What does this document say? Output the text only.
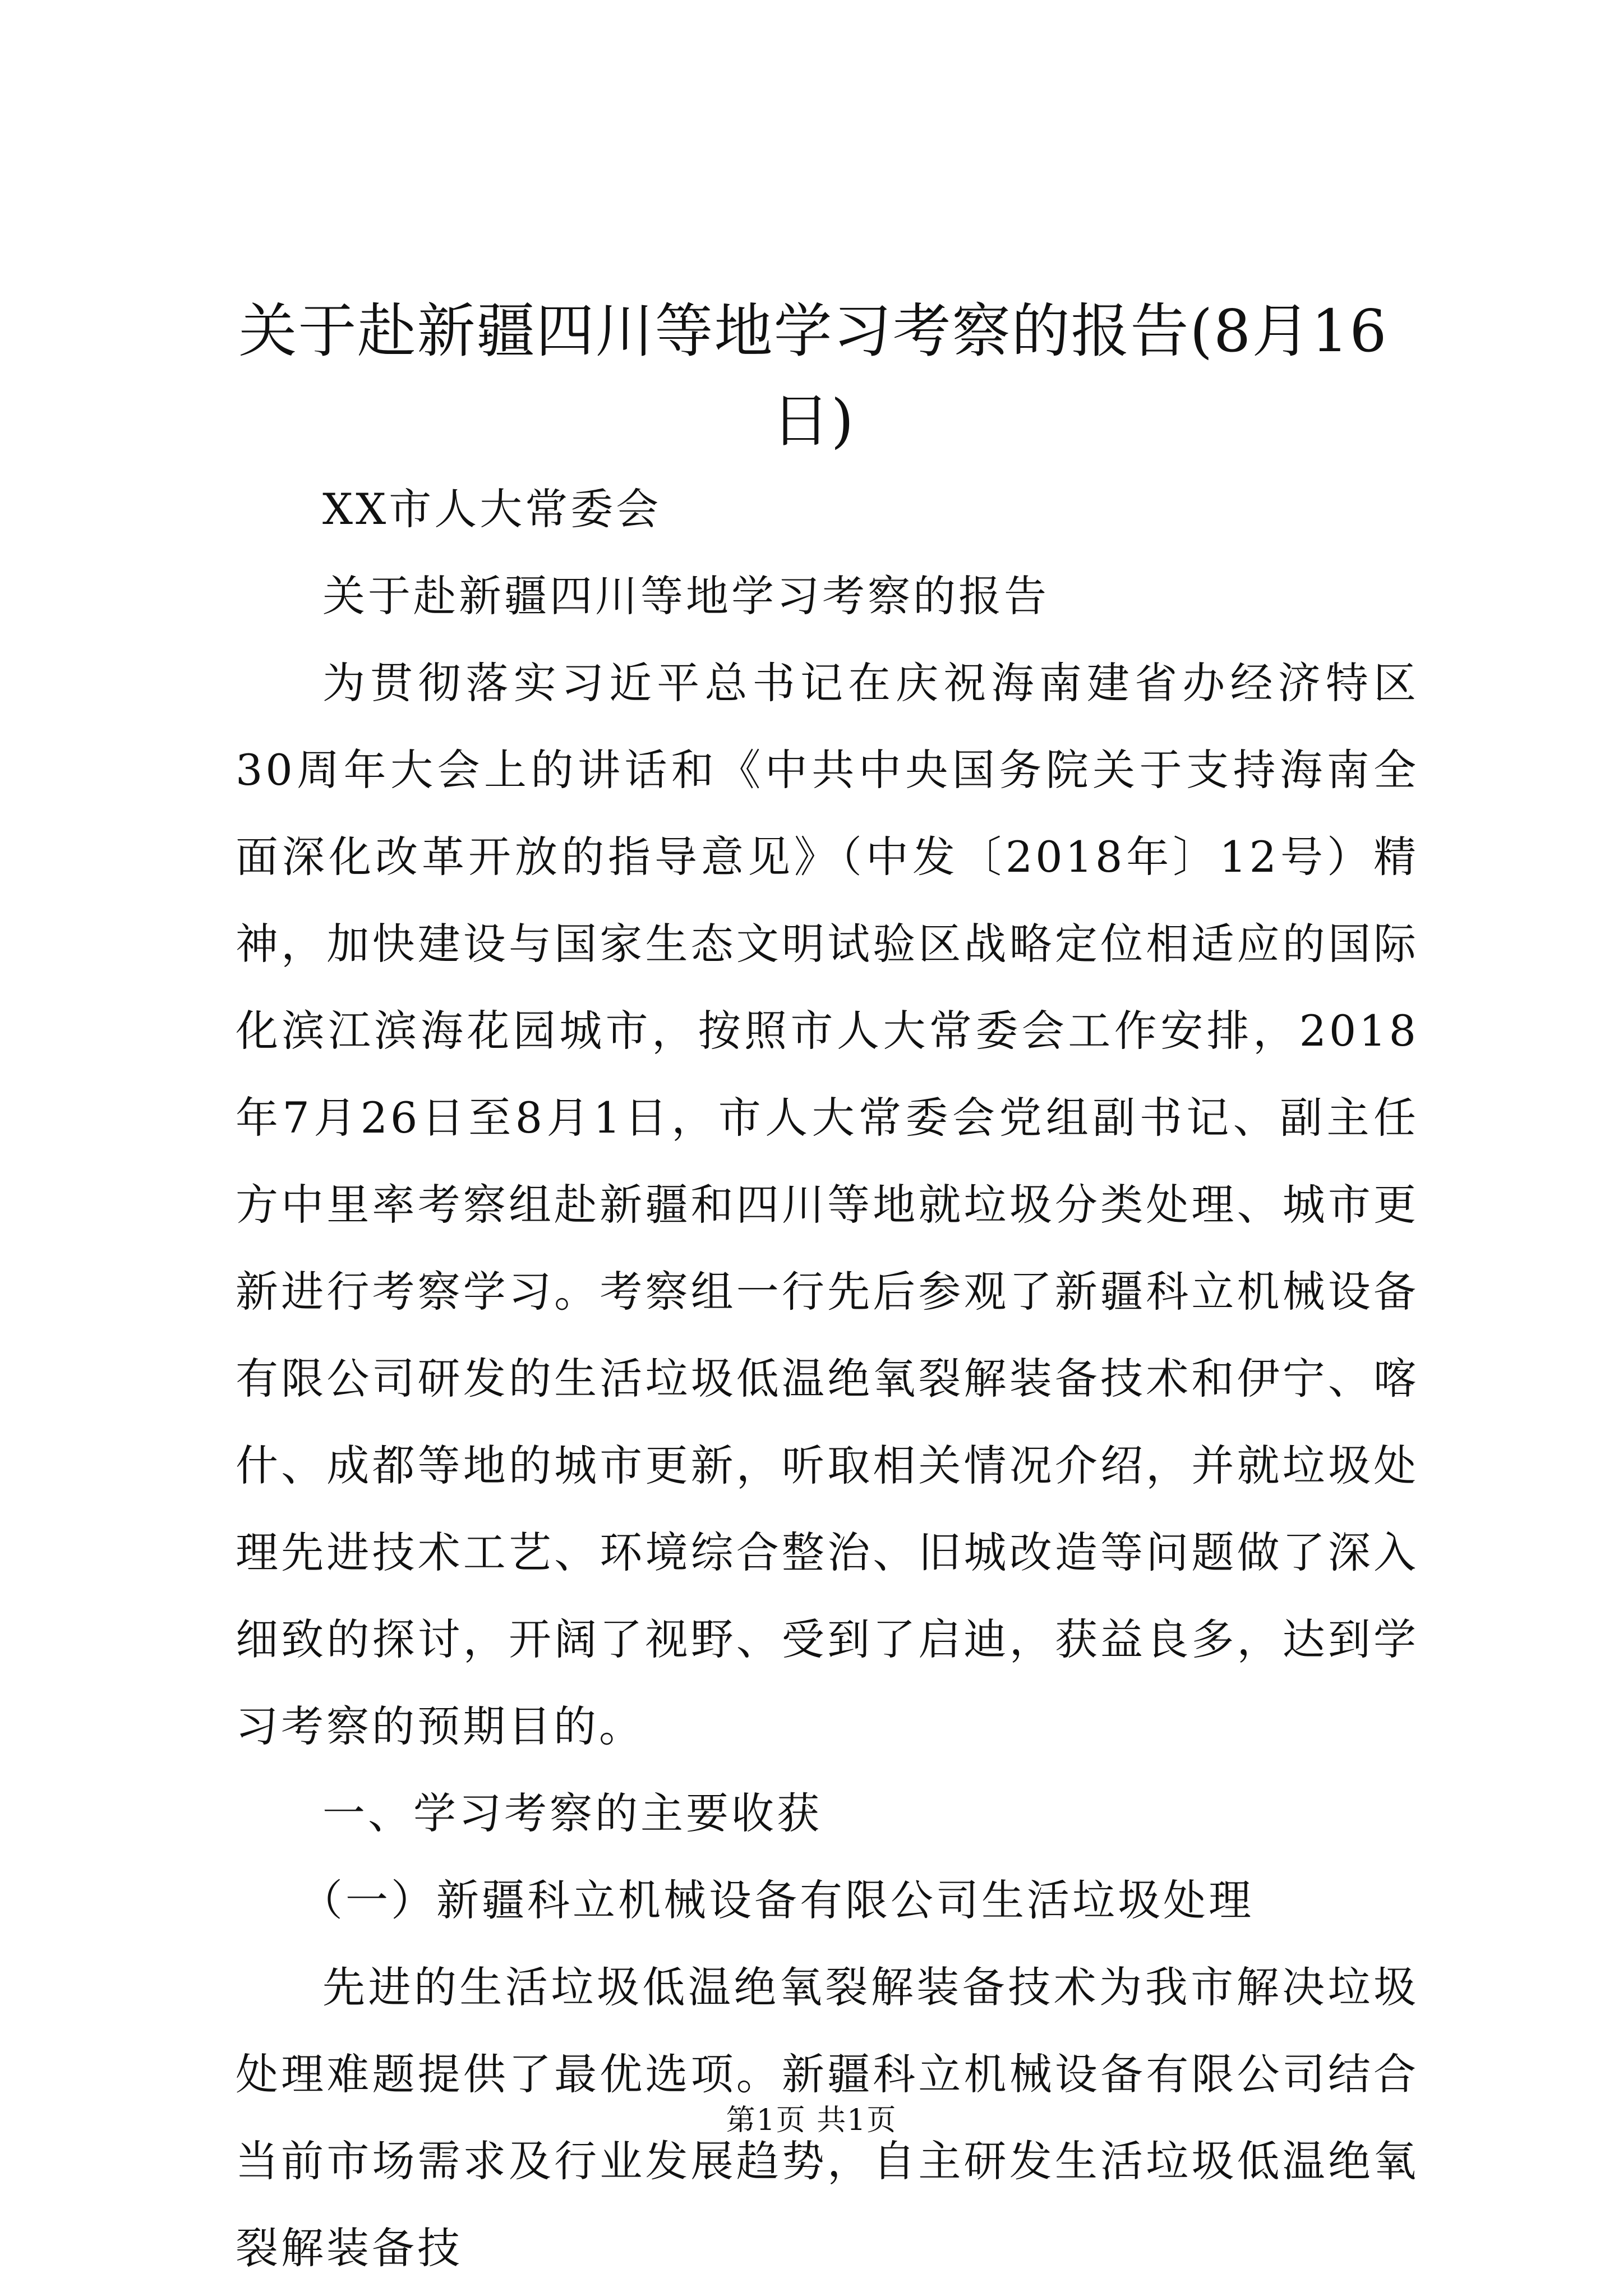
关于赴新疆四川等地学习考察的报告(8月16日)

XX市人大常委会

关于赴新疆四川等地学习考察的报告

为贯彻落实习近平总书记在庆祝海南建省办经济特区30周年大会上的讲话和《中共中央国务院关于支持海南全面深化改革开放的指导意见》（中发〔2018年〕12号）精神，加快建设与国家生态文明试验区战略定位相适应的国际化滨江滨海花园城市，按照市人大常委会工作安排，2018年7月26日至8月1日，市人大常委会党组副书记、副主任方中里率考察组赴新疆和四川等地就垃圾分类处理、城市更新进行考察学习。考察组一行先后参观了新疆科立机械设备有限公司研发的生活垃圾低温绝氧裂解装备技术和伊宁、喀什、成都等地的城市更新，听取相关情况介绍，并就垃圾处理先进技术工艺、环境综合整治、旧城改造等问题做了深入细致的探讨，开阔了视野、受到了启迪，获益良多，达到学习考察的预期目的。

一、学习考察的主要收获

（一）新疆科立机械设备有限公司生活垃圾处理

先进的生活垃圾低温绝氧裂解装备技术为我市解决垃圾处理难题提供了最优选项。新疆科立机械设备有限公司结合当前市场需求及行业发展趋势，自主研发生活垃圾低温绝氧裂解装备技

第1页 共1页
